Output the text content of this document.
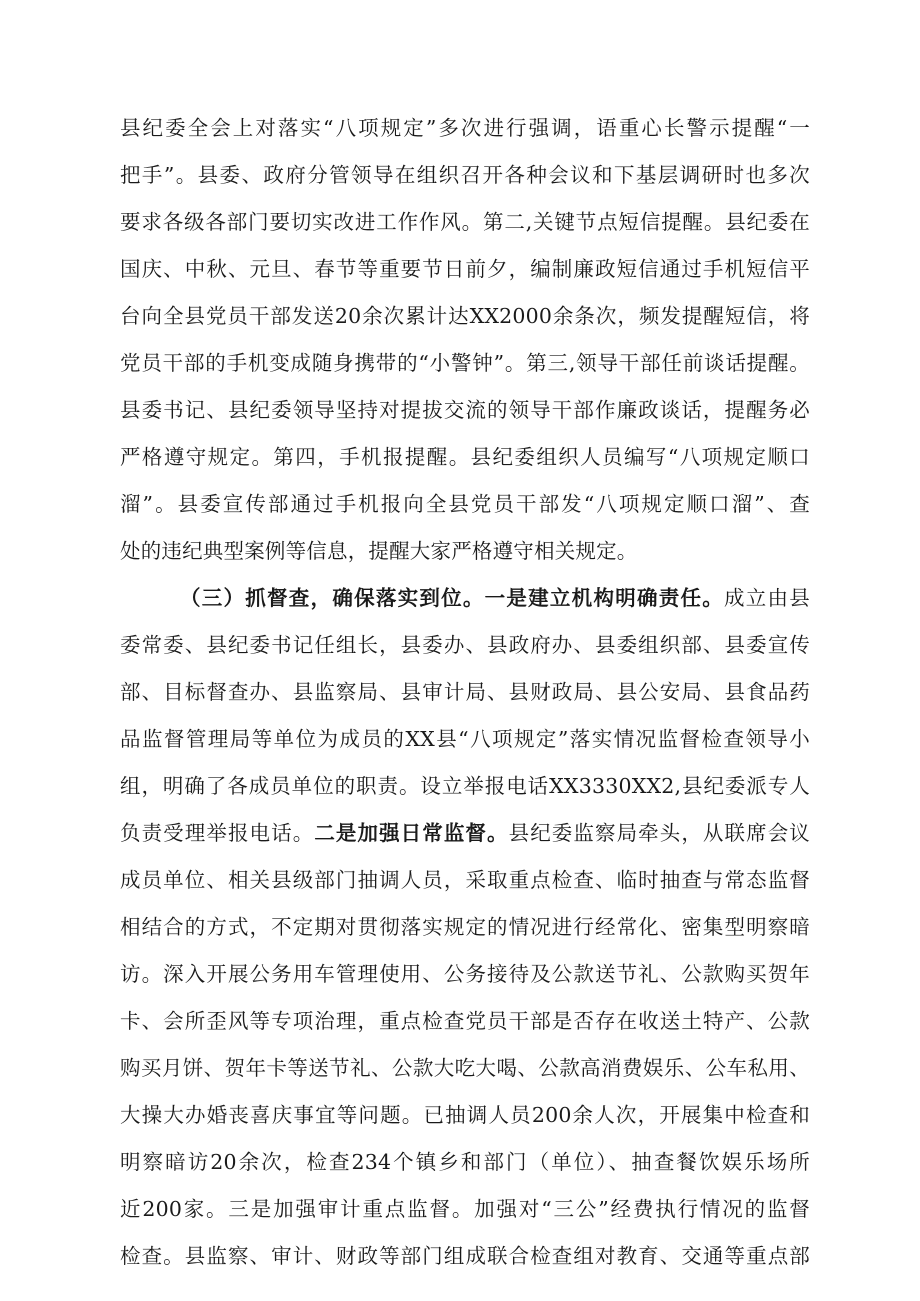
县纪委全会上对落实“八项规定”多次进行强调，语重心长警示提醒“一
把手”。县委、政府分管领导在组织召开各种会议和下基层调研时也多次
要求各级各部门要切实改进工作作风。第二,关键节点短信提醒。县纪委在
国庆、中秋、元旦、春节等重要节日前夕，编制廉政短信通过手机短信平
台向全县党员干部发送20余次累计达XX2000余条次，频发提醒短信，将
党员干部的手机变成随身携带的“小警钟”。第三,领导干部任前谈话提醒。
县委书记、县纪委领导坚持对提拔交流的领导干部作廉政谈话，提醒务必
严格遵守规定。第四，手机报提醒。县纪委组织人员编写“八项规定顺口
溜”。县委宣传部通过手机报向全县党员干部发“八项规定顺口溜”、查
处的违纪典型案例等信息，提醒大家严格遵守相关规定。
（三）抓督查，确保落实到位。一是建立机构明确责任。成立由县
委常委、县纪委书记任组长，县委办、县政府办、县委组织部、县委宣传
部、目标督查办、县监察局、县审计局、县财政局、县公安局、县食品药
品监督管理局等单位为成员的XX县“八项规定”落实情况监督检查领导小
组，明确了各成员单位的职责。设立举报电话XX3330XX2,县纪委派专人
负责受理举报电话。二是加强日常监督。县纪委监察局牵头，从联席会议
成员单位、相关县级部门抽调人员，采取重点检查、临时抽查与常态监督
相结合的方式，不定期对贯彻落实规定的情况进行经常化、密集型明察暗
访。深入开展公务用车管理使用、公务接待及公款送节礼、公款购买贺年
卡、会所歪风等专项治理，重点检查党员干部是否存在收送土特产、公款
购买月饼、贺年卡等送节礼、公款大吃大喝、公款高消费娱乐、公车私用、
大操大办婚丧喜庆事宜等问题。已抽调人员200余人次，开展集中检查和
明察暗访20余次，检查234个镇乡和部门（单位）、抽查餐饮娱乐场所
近200家。三是加强审计重点监督。加强对“三公”经费执行情况的监督
检查。县监察、审计、财政等部门组成联合检查组对教育、交通等重点部
